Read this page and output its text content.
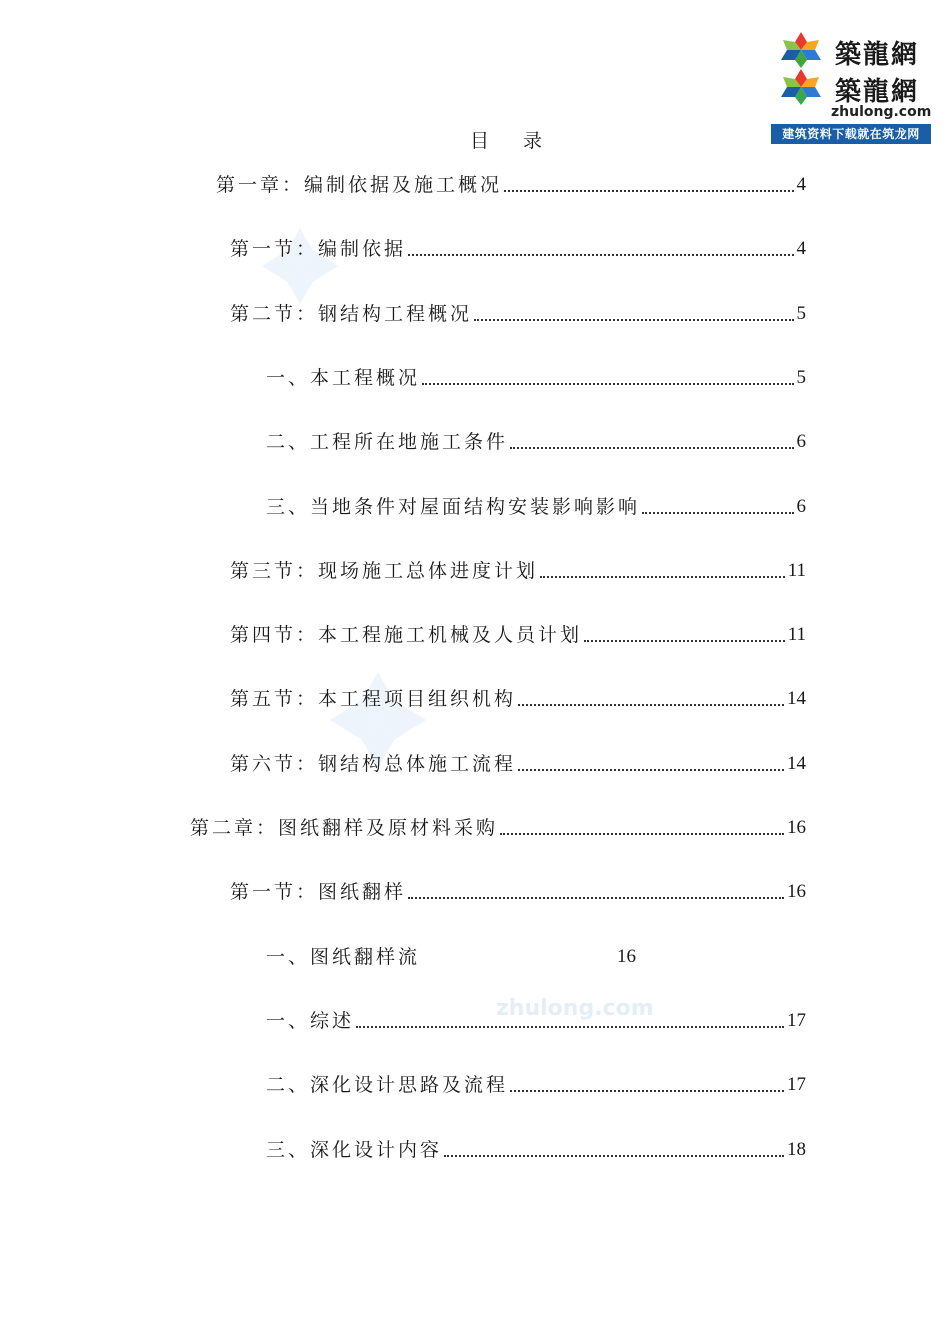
築龍網
築龍網
zhulong.com
建筑资料下载就在筑龙网
zhulong.com
目 录
第一章：编制依据及施工概况	4
第一节：编制依据	4
第二节：钢结构工程概况	5
一、本工程概况	5
二、工程所在地施工条件	6
三、当地条件对屋面结构安装影响影响	6
第三节：现场施工总体进度计划	11
第四节：本工程施工机械及人员计划	11
第五节：本工程项目组织机构	14
第六节：钢结构总体施工流程	14
第二章：图纸翻样及原材料采购	16
第一节：图纸翻样	16
一、图纸翻样流	16
一、综述	17
二、深化设计思路及流程	17
三、深化设计内容	18
